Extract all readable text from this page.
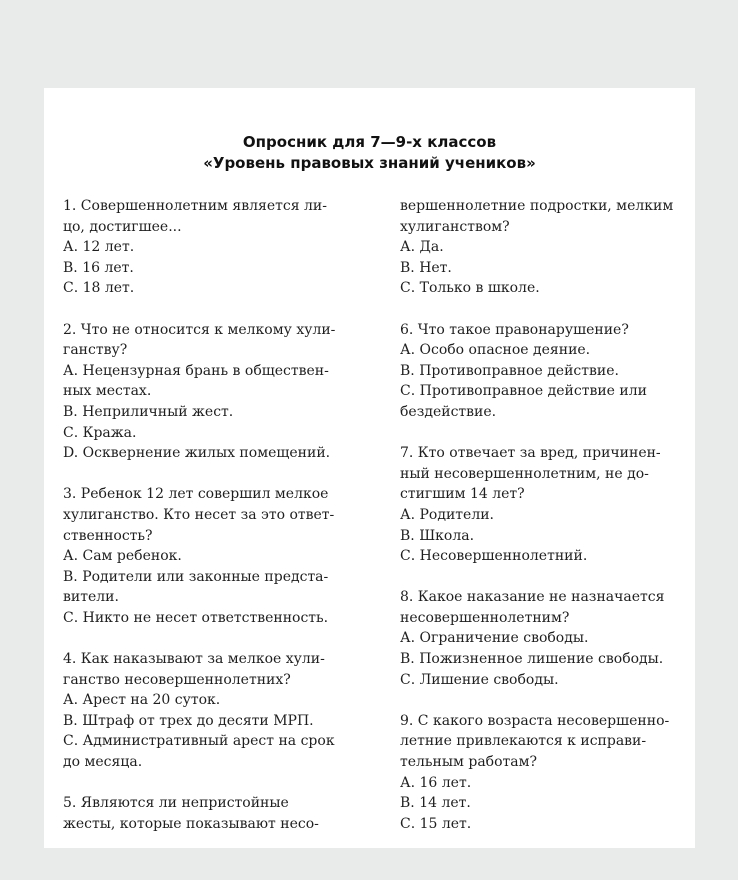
Опросник для 7—9-х классов
«Уровень правовых знаний учеников»
1. Совершеннолетним является ли-
цо, достигшее...
А. 12 лет.
В. 16 лет.
С. 18 лет.
2. Что не относится к мелкому хули-
ганству?
А. Нецензурная брань в обществен-
ных местах.
В. Неприличный жест.
С. Кража.
D. Осквернение жилых помещений.
3. Ребенок 12 лет совершил мелкое
хулиганство. Кто несет за это ответ-
ственность?
А. Сам ребенок.
В. Родители или законные предста-
вители.
С. Никто не несет ответственность.
4. Как наказывают за мелкое хули-
ганство несовершеннолетних?
А. Арест на 20 суток.
В. Штраф от трех до десяти МРП.
С. Административный арест на срок
до месяца.
5. Являются ли непристойные
жесты, которые показывают несо-
вершеннолетние подростки, мелким
хулиганством?
А. Да.
В. Нет.
С. Только в школе.
6. Что такое правонарушение?
А. Особо опасное деяние.
В. Противоправное действие.
С. Противоправное действие или
бездействие.
7. Кто отвечает за вред, причинен-
ный несовершеннолетним, не до-
стигшим 14 лет?
А. Родители.
В. Школа.
С. Несовершеннолетний.
8. Какое наказание не назначается
несовершеннолетним?
А. Ограничение свободы.
В. Пожизненное лишение свободы.
С. Лишение свободы.
9. С какого возраста несовершенно-
летние привлекаются к исправи-
тельным работам?
А. 16 лет.
В. 14 лет.
С. 15 лет.
